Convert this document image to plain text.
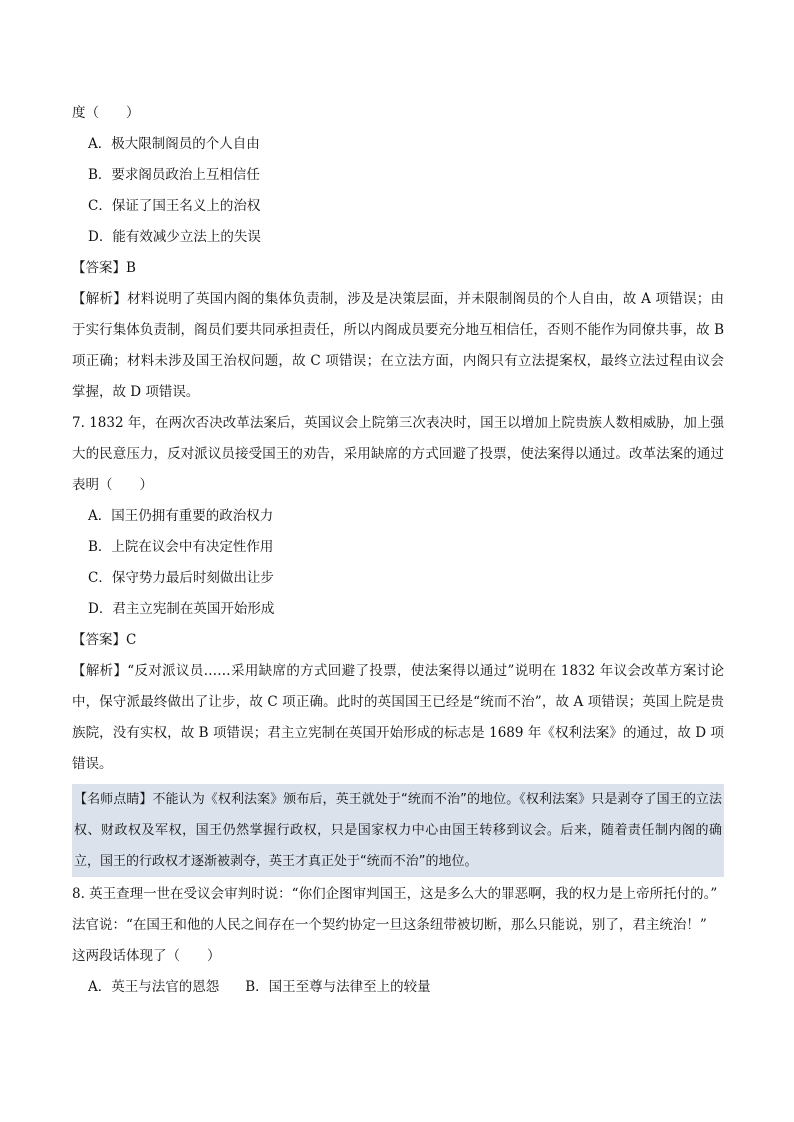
度（　　）
A．极大限制阁员的个人自由
B．要求阁员政治上互相信任
C．保证了国王名义上的治权
D．能有效减少立法上的失误
【答案】B
【解析】材料说明了英国内阁的集体负责制，涉及是决策层面，并未限制阁员的个人自由，故 A 项错误；由于实行集体负责制，阁员们要共同承担责任，所以内阁成员要充分地互相信任，否则不能作为同僚共事，故 B 项正确；材料未涉及国王治权问题，故 C 项错误；在立法方面，内阁只有立法提案权，最终立法过程由议会掌握，故 D 项错误。
7. 1832 年，在两次否决改革法案后，英国议会上院第三次表决时，国王以增加上院贵族人数相威胁，加上强大的民意压力，反对派议员接受国王的劝告，采用缺席的方式回避了投票，使法案得以通过。改革法案的通过表明（　　）
A．国王仍拥有重要的政治权力
B．上院在议会中有决定性作用
C．保守势力最后时刻做出让步
D．君主立宪制在英国开始形成
【答案】C
【解析】“反对派议员……采用缺席的方式回避了投票，使法案得以通过”说明在 1832 年议会改革方案讨论中，保守派最终做出了让步，故 C 项正确。此时的英国国王已经是“统而不治”，故 A 项错误；英国上院是贵族院，没有实权，故 B 项错误；君主立宪制在英国开始形成的标志是 1689 年《权利法案》的通过，故 D 项错误。
【名师点睛】不能认为《权利法案》颁布后，英王就处于“统而不治”的地位。《权利法案》只是剥夺了国王的立法权、财政权及军权，国王仍然掌握行政权，只是国家权力中心由国王转移到议会。后来，随着责任制内阁的确立，国王的行政权才逐渐被剥夺，英王才真正处于“统而不治”的地位。
8. 英王查理一世在受议会审判时说：“你们企图审判国王，这是多么大的罪恶啊，我的权力是上帝所托付的。”
法官说：“在国王和他的人民之间存在一个契约协定一旦这条纽带被切断，那么只能说，别了，君主统治！”
这两段话体现了（　　）
A．英王与法官的恩怨 B．国王至尊与法律至上的较量
